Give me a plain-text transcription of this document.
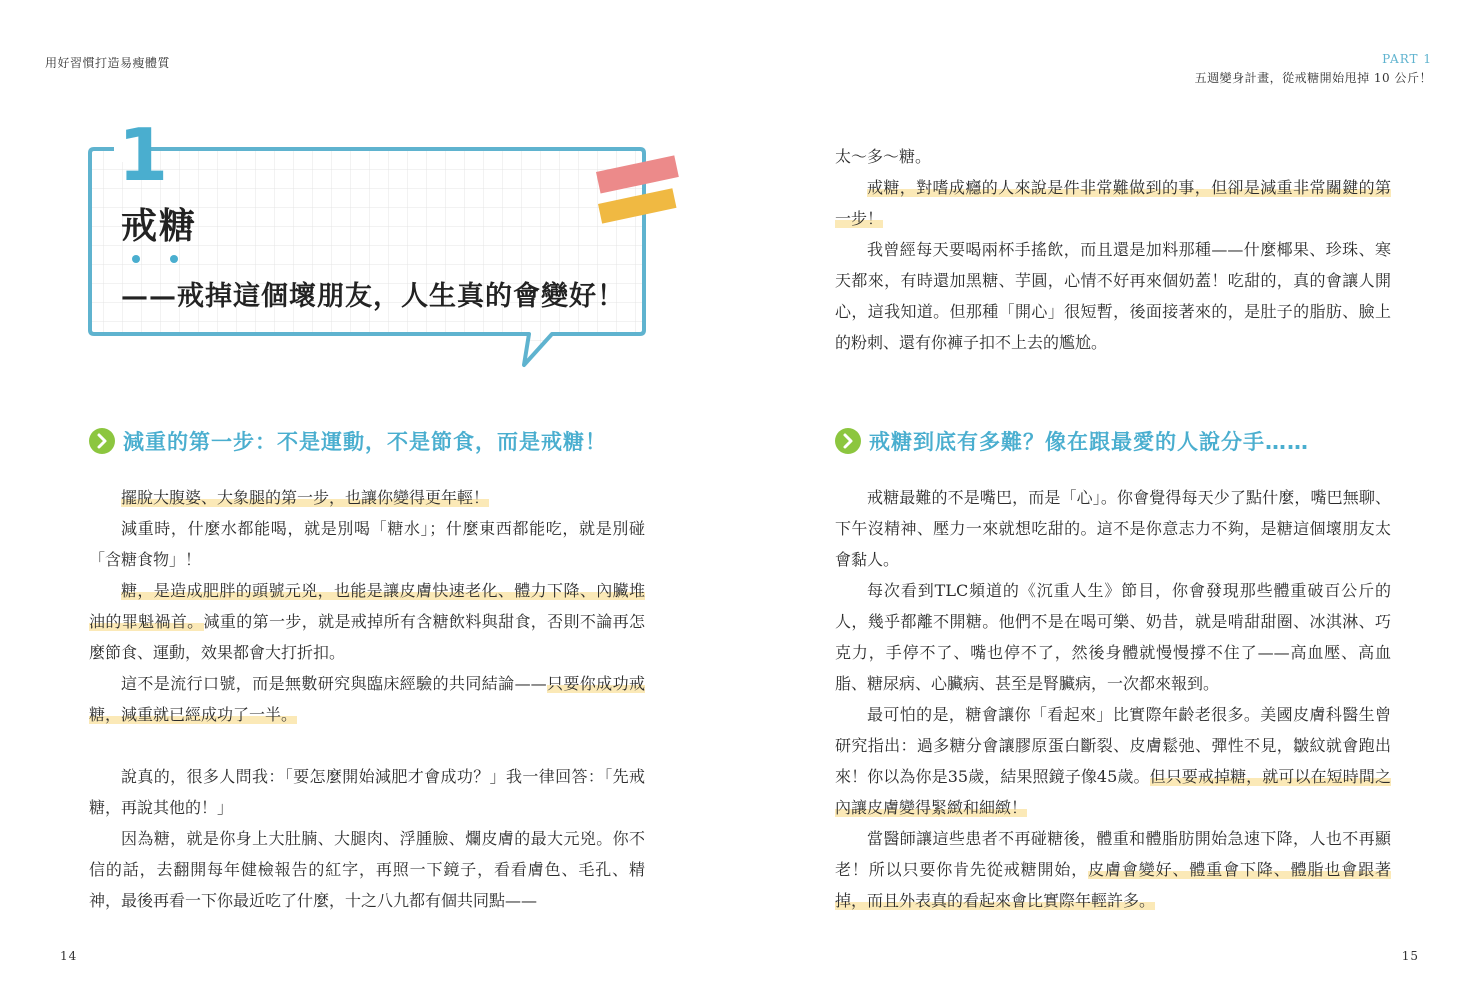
用好習慣打造易瘦體質	PART 1
五週變身計畫，從戒糖開始甩掉 10 公斤！
1
戒糖
——戒掉這個壞朋友，人生真的會變好！
減重的第一步：不是運動，不是節食，而是戒糖！

擺脫大腹婆、大象腿的第一步，也讓你變得更年輕！

減重時，什麼水都能喝，就是別喝「糖水」；什麼東西都能吃，就是別碰「含糖食物」！

糖，是造成肥胖的頭號元兇，也能是讓皮膚快速老化、體力下降、內臟堆油的罪魁禍首。減重的第一步，就是戒掉所有含糖飲料與甜食，否則不論再怎麼節食、運動，效果都會大打折扣。

這不是流行口號，而是無數研究與臨床經驗的共同結論——只要你成功戒糖，減重就已經成功了一半。

說真的，很多人問我：「要怎麼開始減肥才會成功？」我一律回答：「先戒糖，再說其他的！」

因為糖，就是你身上大肚腩、大腿肉、浮腫臉、爛皮膚的最大元兇。你不信的話，去翻開每年健檢報告的紅字，再照一下鏡子，看看膚色、毛孔、精神，最後再看一下你最近吃了什麼，十之八九都有個共同點——

太～多～糖。

戒糖，對嗜成癮的人來說是件非常難做到的事，但卻是減重非常關鍵的第一步！

我曾經每天要喝兩杯手搖飲，而且還是加料那種——什麼椰果、珍珠、寒天都來，有時還加黑糖、芋圓，心情不好再來個奶蓋！吃甜的，真的會讓人開心，這我知道。但那種「開心」很短暫，後面接著來的，是肚子的脂肪、臉上的粉刺、還有你褲子扣不上去的尷尬。

戒糖到底有多難？像在跟最愛的人說分手……

戒糖最難的不是嘴巴，而是「心」。你會覺得每天少了點什麼，嘴巴無聊、下午沒精神、壓力一來就想吃甜的。這不是你意志力不夠，是糖這個壞朋友太會黏人。

每次看到TLC頻道的《沉重人生》節目，你會發現那些體重破百公斤的人，幾乎都離不開糖。他們不是在喝可樂、奶昔，就是啃甜甜圈、冰淇淋、巧克力，手停不了、嘴也停不了，然後身體就慢慢撐不住了——高血壓、高血脂、糖尿病、心臟病、甚至是腎臟病，一次都來報到。

最可怕的是，糖會讓你「看起來」比實際年齡老很多。美國皮膚科醫生曾研究指出：過多糖分會讓膠原蛋白斷裂、皮膚鬆弛、彈性不見，皺紋就會跑出來！你以為你是35歲，結果照鏡子像45歲。但只要戒掉糖，就可以在短時間之內讓皮膚變得緊緻和細緻！

當醫師讓這些患者不再碰糖後，體重和體脂肪開始急速下降，人也不再顯老！所以只要你肯先從戒糖開始，皮膚會變好、體重會下降、體脂也會跟著掉，而且外表真的看起來會比實際年輕許多。

14	15
